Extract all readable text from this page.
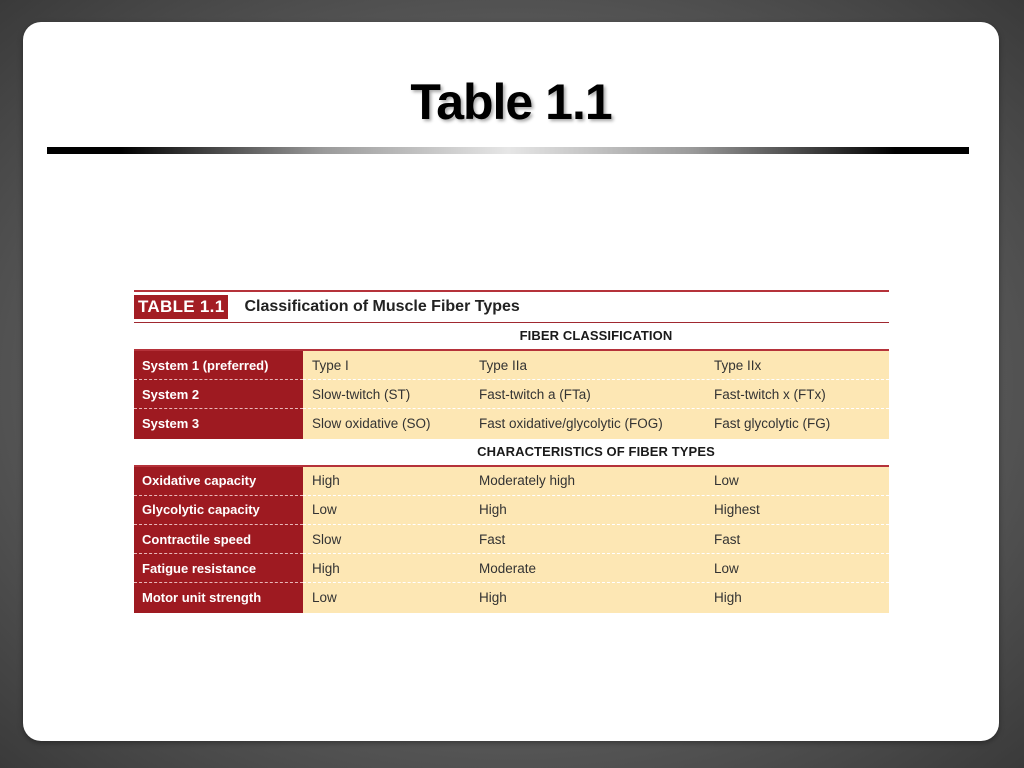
Table 1.1
TABLE 1.1 Classification of Muscle Fiber Types
FIBER CLASSIFICATION
System 1 (preferred)	Type I	Type IIa	Type IIx
System 2	Slow-twitch (ST)	Fast-twitch a (FTa)	Fast-twitch x (FTx)
System 3	Slow oxidative (SO)	Fast oxidative/glycolytic (FOG)	Fast glycolytic (FG)
CHARACTERISTICS OF FIBER TYPES
Oxidative capacity	High	Moderately high	Low
Glycolytic capacity	Low	High	Highest
Contractile speed	Slow	Fast	Fast
Fatigue resistance	High	Moderate	Low
Motor unit strength	Low	High	High
